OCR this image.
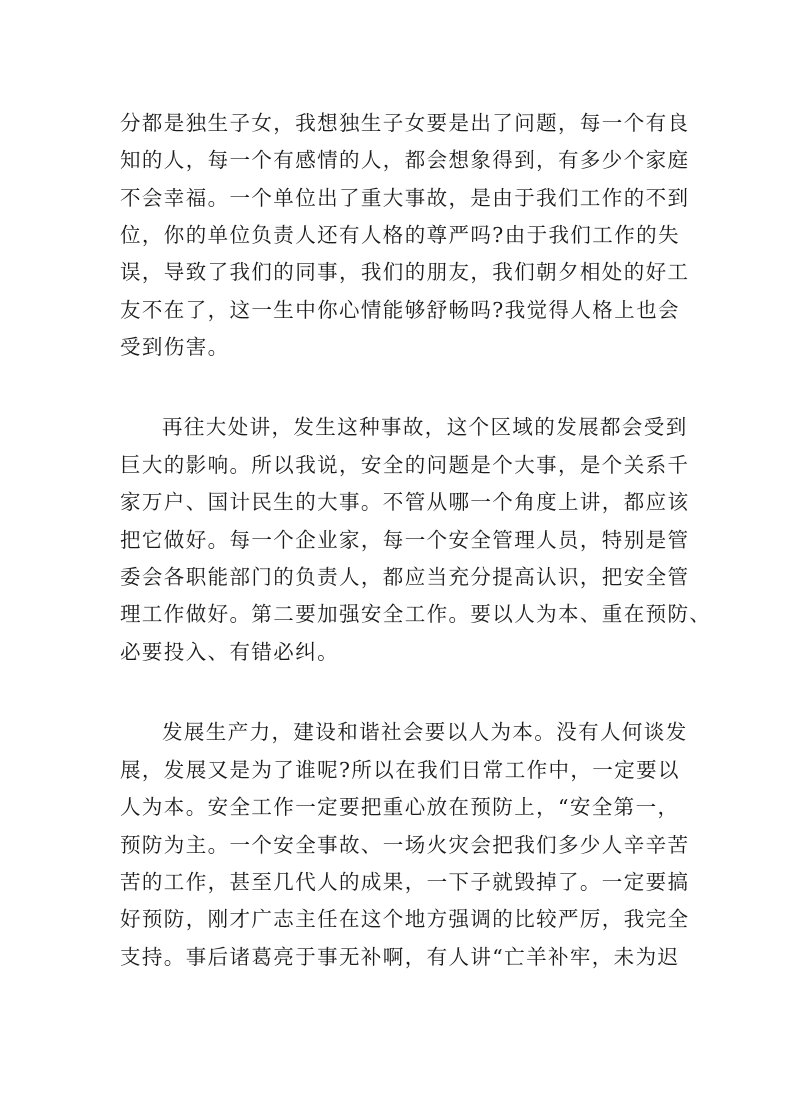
分都是独生子女，我想独生子女要是出了问题，每一个有良
知的人，每一个有感情的人，都会想象得到，有多少个家庭
不会幸福。一个单位出了重大事故，是由于我们工作的不到
位，你的单位负责人还有人格的尊严吗?由于我们工作的失
误，导致了我们的同事，我们的朋友，我们朝夕相处的好工
友不在了，这一生中你心情能够舒畅吗?我觉得人格上也会
受到伤害。
再往大处讲，发生这种事故，这个区域的发展都会受到
巨大的影响。所以我说，安全的问题是个大事，是个关系千
家万户、国计民生的大事。不管从哪一个角度上讲，都应该
把它做好。每一个企业家，每一个安全管理人员，特别是管
委会各职能部门的负责人，都应当充分提高认识，把安全管
理工作做好。第二要加强安全工作。要以人为本、重在预防、
必要投入、有错必纠。
发展生产力，建设和谐社会要以人为本。没有人何谈发
展，发展又是为了谁呢?所以在我们日常工作中，一定要以
人为本。安全工作一定要把重心放在预防上，“安全第一，
预防为主。一个安全事故、一场火灾会把我们多少人辛辛苦
苦的工作，甚至几代人的成果，一下子就毁掉了。一定要搞
好预防，刚才广志主任在这个地方强调的比较严厉，我完全
支持。事后诸葛亮于事无补啊，有人讲“亡羊补牢，未为迟
